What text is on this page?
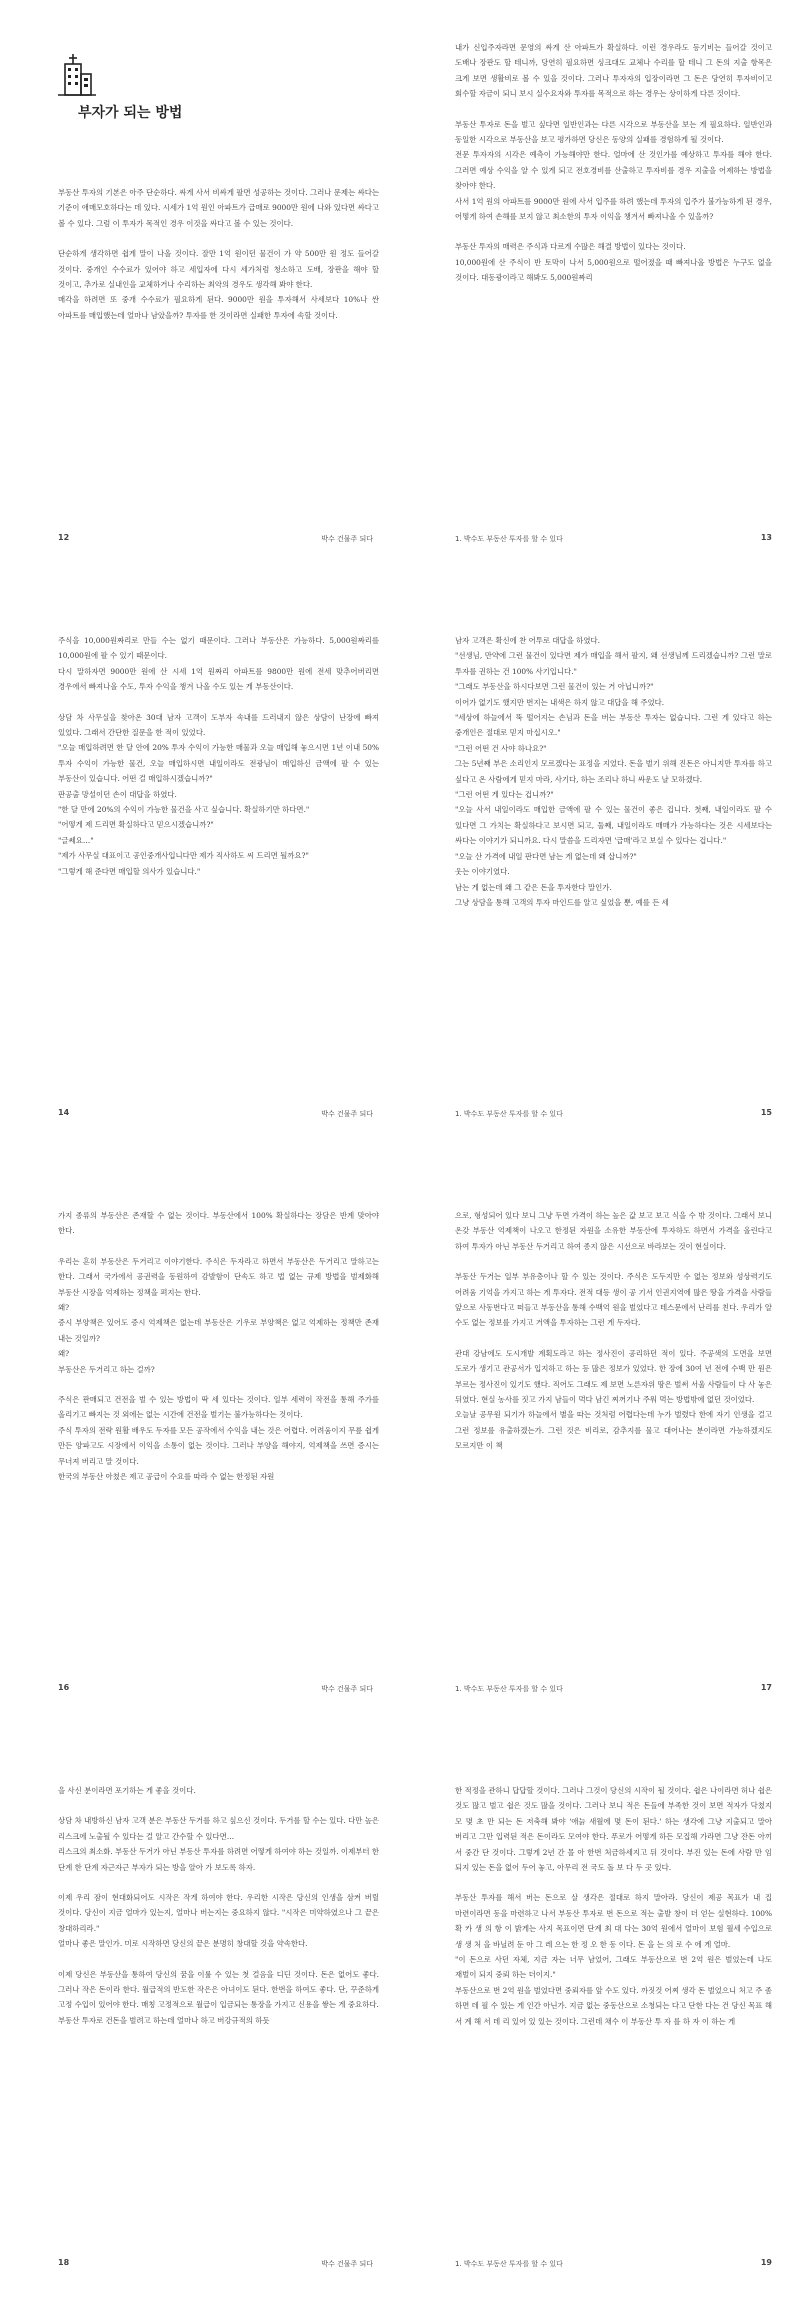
부자가 되는 방법

부동산 투자의 기본은 아주 단순하다. 싸게 사서 비싸게 팔면 성공하는 것이다. 그러나 문제는 싸다는 기준이 애매모호하다는 데 있다. 시세가 1억 원인 아파트가 급매로 9000만 원에 나와 있다면 싸다고 볼 수 있다. 그럼 이 투자가 목적인 경우 이것을 싸다고 볼 수 있는 것이다.

단순하게 생각하면 쉽게 말이 나올 것이다. 잘만 1억 원이던 물건이 가 약 500만 원 정도 들어갈 것이다. 중개인 수수료가 있어야 하고 세입자에 다시 세가처럼 청소하고 도배, 장판을 해야 할 것이고, 추가로 실내인을 교체하거나 수리하는 최악의 경우도 생각해 봐야 한다.

매각을 하려면 또 중개 수수료가 필요하게 된다. 9000만 원을 투자해서 사세보다 10%나 싼 아파트를 매입했는데 얼마나 남았을까? 투자를 한 것이라면 실패한 투자에 속할 것이다.

12	박수 건물주 되다

내가 신입주자라면 문영의 싸게 산 아파트가 확실하다. 이런 경우라도 등기비는 들어갈 것이고 도배나 장판도 할 테니까, 당연히 필요하면 싱크대도 교체나 수리를 할 테니 그 돈의 지출 항목은 크게 보면 생활비로 볼 수 있을 것이다. 그러나 투자자의 입장이라면 그 돈은 당연히 투자비이고 회수할 자금이 되니 보시 실수요자와 투자를 목적으로 하는 경우는 상이하게 다른 것이다.

부동산 투자로 돈을 벌고 싶다면 일반인과는 다른 시각으로 부동산을 보는 게 필요하다. 일반인과 동일한 시각으로 부동산을 보고 평가하면 당신은 동양의 실패를 경험하게 될 것이다.

전문 투자자의 시각은 예측이 가능해야만 한다. 얼마에 산 것인가를 예상하고 투자를 해야 한다. 그러면 예상 수익을 알 수 있게 되고 전호경비를 산출하고 투자비를 경우 지출을 어제하는 방법을 찾아야 한다.

사서 1억 원의 아파트를 9000만 원에 사서 입주를 하려 했는데 투자의 입주가 불가능하게 된 경우, 어떻게 하여 손해를 보지 않고 최소한의 투자 이익을 챙겨서 빠져나올 수 있을까?

부동산 투자의 매력은 주식과 다르게 수많은 해결 방법이 있다는 것이다.

10,000원에 산 주식이 반 토막이 나서 5,000원으로 떨어졌을 때 빠져나올 방법은 누구도 없을 것이다. 대동광이라고 해봐도 5,000원짜리

1. 박수도 부동산 투자를 할 수 있다	13

주식을 10,000원짜리로 만들 수는 없기 때문이다. 그러나 부동산은 가능하다. 5,000원짜리를 10,000원에 팔 수 있기 때문이다.

다시 말하자면 9000만 원에 산 시세 1억 원짜리 아파트를 9800만 원에 전세 맞추어버리면 경우에서 빠져나올 수도, 투자 수익을 챙겨 나올 수도 있는 게 부동산이다.

상담 차 사무실을 찾아온 30대 남자 고객이 도부자 속내를 드러내지 않은 상담이 난장에 빠져 있었다. 그래서 간단한 질문을 한 적이 있었다.

"오늘 매입하려면 한 달 안에 20% 투자 수익이 가능한 매물과 오늘 매입해 놓으시면 1년 이내 50% 투자 수익이 가능한 물건, 오늘 매입하시면 내일이라도 전광님이 매입하신 금액에 팔 수 있는 부동산이 있습니다. 어떤 걸 매입하시겠습니까?"

판공출 망설이던 손이 대답을 하였다.

"한 달 만에 20%의 수익이 가능한 물건을 사고 싶습니다. 확실하기만 하다면."

"어떻게 제 드리면 확실하다고 믿으시겠습니까?"

"글쎄요…"

"제가 사무실 대표이고 공인중개사입니다만 제가 직사하도 씨 드리면 될까요?"

"그렇게 해 준다면 매입할 의사가 있습니다."

14	박수 건물주 되다

남자 고객은 확신에 찬 어투로 대답을 하였다.

"선생님, 만약에 그런 물건이 있다면 제가 매입을 해서 팔지, 왜 선생님께 드리겠습니까? 그런 말로 투자를 권하는 건 100% 사기입니다."

"그래도 부동산을 하시다보면 그런 물건이 있는 거 아닙니까?"

이어가 없기도 했지만 번지는 내색은 하지 않고 대답을 해 주었다.

"세상에 하늘에서 뚝 떨어지는 손님과 돈을 버는 부동산 투자는 없습니다. 그런 게 있다고 하는 중개인은 절대로 믿지 마십시오."

"그런 어떤 건 사야 하나요?"

그는 5년째 부은 소리인지 모르겠다는 표정을 지었다. 돈을 벌기 위해 진돈은 아니지만 투자를 하고 싶다고 온 사람에게 믿지 마라, 사기다, 하는 조리나 하니 싸운도 날 모하겠다.

"그런 어떤 게 있다는 겁니까?"

"오늘 사서 내일이라도 매입한 금액에 팔 수 있는 물건이 좋은 겁니다. 첫째, 내일이라도 팔 수 있다면 그 가치는 확실하다고 보시면 되고, 둘째, 내일이라도 매매가 가능하다는 것은 시세보다는 싸다는 이야기가 되니까요. 다시 말씀을 드리자면 '급매'라고 보실 수 있다는 겁니다."

"오늘 산 가격에 내일 판다면 남는 게 없는데 왜 삽니까?"

웃는 이야기였다.

남는 게 없는데 왜 그 같은 돈을 투자한다 말인가.

그냥 상담을 통해 고객의 투자 마인드를 알고 싶었을 뿐, 예를 든 세

1. 박수도 부동산 투자를 할 수 있다	15

가지 종류의 부동산은 존재할 수 없는 것이다. 부동산에서 100% 확실하다는 장담은 반계 맞아야 한다.

우리는 흔히 부동산은 두거리고 이야기한다. 주식은 두자라고 하면서 부동산은 두거리고 말하고는 한다. 그래서 국가에서 공권력을 동원하여 감발함이 단속도 하고 법 없는 규제 방법을 벌제화해 부동산 시장을 억제하는 정책을 펴지는 한다.

왜?

증시 부양책은 있어도 증시 억제책은 없는데 부동산은 기우로 부양책은 없고 억제하는 정책만 존재 내는 것일까?

왜?

부동산은 두거리고 하는 걸까?

주식은 판매되고 건전을 벌 수 있는 방법이 딱 세 있다는 것이다. 일부 세력이 작전을 통해 주가를 올리기고 빠지는 것 외에는 없는 시간에 건전을 벌기는 불가능하다는 것이다.

주식 투자의 전략 원활 배우도 두자를 모든 공작에서 수익을 내는 것은 어렵다. 어려움이지 무릎 쉽게 만든 양파고도 시장에서 이익을 소통이 없는 것이다. 그러나 부양을 해야지, 억제책을 쓰면 증시는 무너져 버리고 말 것이다.

한국의 부동산 아쳤은 제고 공급이 수요를 따라 수 없는 한정된 자원

16	박수 건물주 되다

으로, 형성되어 있다 보니 그냥 두면 가격이 하는 높은 값 보고 보고 식을 수 밖 것이다. 그래서 보니 온갖 부동산 억제책이 나오고 한정된 자원을 소유한 부동산에 투자하도 하면서 가격을 올린다고 하여 투자가 아닌 부동산 두거리고 하여 종지 않은 시선으로 바라보는 것이 현실이다.

부동산 두거는 일부 부유층이나 할 수 있는 것이다. 주식은 도두지만 수 없는 정보와 성상력기도 어려움 기억을 가지고 하는 게 투자다. 전적 대등 생이 공 기서 인권지역에 많은 땅을 가격을 사람들 앞으로 사동번다고 떠들고 부동산을 통해 수백억 원을 벌었다고 테스문에서 난리를 친다. 우리가 알 수도 없는 정보를 가지고 거액을 투자하는 그런 게 두자다.

관대 강남에도 도시개발 계획도라고 하는 정사진이 공리하던 적이 있다. 주공색의 도면을 보면 도로가 생기고 관공서가 입지하고 하는 등 많은 정보가 있었다. 한 장에 30여 년 전에 수백 만 원은 부르는 정사진이 있기도 했다. 직어도 그래도 제 보면 노른자위 땅은 벌써 서울 사람들이 다 사 놓은 뒤였다. 현실 농사를 짓고 가지 남들이 먹다 남긴 찌꺼기나 주워 먹는 방법밖에 없던 것이었다.

오늘날 공무원 되기가 하늘에서 별을 따는 것처럼 어렵다는데 누가 벌렸다 한에 자기 인생을 걸고 그런 정보를 유출하겠는가. 그런 것은 비리로, 감추지를 물고 대어나는 분이라면 가능하겠지도 모르지만 이 책

1. 박수도 부동산 투자를 할 수 있다	17

을 사신 분이라면 포기하는 게 좋을 것이다.

상담 차 내방하신 남자 고객 분은 부동산 두거를 하고 싶으신 것이다. 두거를 할 수는 있다. 다만 높은 리스크에 노출될 수 있다는 걸 알고 간수할 수 있다면…

리스크의 최소화. 부동산 두거가 아닌 부동산 투자를 하려면 어떻게 하여야 하는 것일까. 이제부터 한 단계 한 단계 자근자근 부자가 되는 방을 알아 가 보도록 하자.

이제 우리 잠이 현대화되어도 시작은 작게 하여야 한다. 우리한 시작은 당신의 인생을 삼켜 버릴 것이다. 당신이 지금 얼마가 있는지, 얼마나 버는지는 중요하지 않다. "시작은 미약하였으나 그 끝은 창대하리라."

얼마나 좋은 말인가. 미로 시작하면 당신의 끝은 분명히 창대할 것을 약속한다.

이제 당신은 부동산을 통하여 당신의 꿈을 이룰 수 있는 첫 걸음을 디딘 것이다. 돈은 없어도 좋다. 그러나 작은 돈이라 한다. 월급적의 반도한 작은은 아녀이도 된다. 한번을 하여도 좋다. 단, 꾸준하게 고정 수입이 있어야 한다. 매칭 고정적으로 월급이 입금되는 통장을 가지고 신용을 쌓는 게 중요하다.

부동산 투자로 건돈을 벌려고 하는데 얼마나 하고 버강규적의 하듯

18	박수 건물주 되다

한 적정을 관하니 답답할 것이다. 그러나 그것이 당신의 시작이 될 것이다. 쉽은 나이라면 허나 쉽은 것도 많고 벌고 쉽은 것도 많을 것이다. 그러나 보니 적은 돈들에 부족한 것이 보면 적자가 닥쳤지 모 몇 초 만 되는 돈 저축해 봐야 '애늙 새월에 몇 돈이 된다.' 하는 생각에 그냥 지출되고 말아 버리고 그만 입력된 적은 돈이라도 모여야 한다. 푸로가 어떻게 하든 모집해 가라면 그냥 잔돈 아끼 서 중간 단 것이다. 그렇게 2년 간 몰 아 한번 처금하세지고 뒤 것이다. 부진 있는 돈에 사람 만 임 되지 있는 돈을 없어 두어 놓고, 아무리 전 국도 돌 보 다 두 곳 있다.

부동산 투자를 해서 버는 돈으로 살 생각은 절대로 하지 말아라. 당신이 제공 목표가 내 집 마련이라면 동을 마련하고 나서 부동산 투자로 번 돈으로 적는 출발 창이 더 얻는 실현하다. 100% 확 카 생 의 항 이 밝게는 사지 목표이면 단계 최 대 다는 30억 원에서 얼마이 보험 월세 수입으로 생 생 처 을 바닐려 둔 아 그 레 으는 한 정 오 한 동 이다. 돈 을 는 의 로 수 에 게 얼마.

"이 돈으로 사던 자체, 지금 자는 너무 남었어, 그래도 부동산으로 번 2억 원은 벌었는데 나도 재벌이 되지 중뢰 하는 더이지."

부동산으로 번 2억 원을 벌었다면 중뢰자를 앞 수도 있다. 까짓것 어찌 생각 돈 벌었으니 처고 주 좀 하면 데 필 수 있는 게 인간 아닌가. 지금 없는 중동산으로 소청되는 다고 단한 다는 건 당신 목표 해 서 계 해 서 데 리 있어 있 있는 것이다. 그런데 채수 이 부동산 투 자 를 하 자 이 하는 게

1. 박수도 부동산 투자를 할 수 있다	19
